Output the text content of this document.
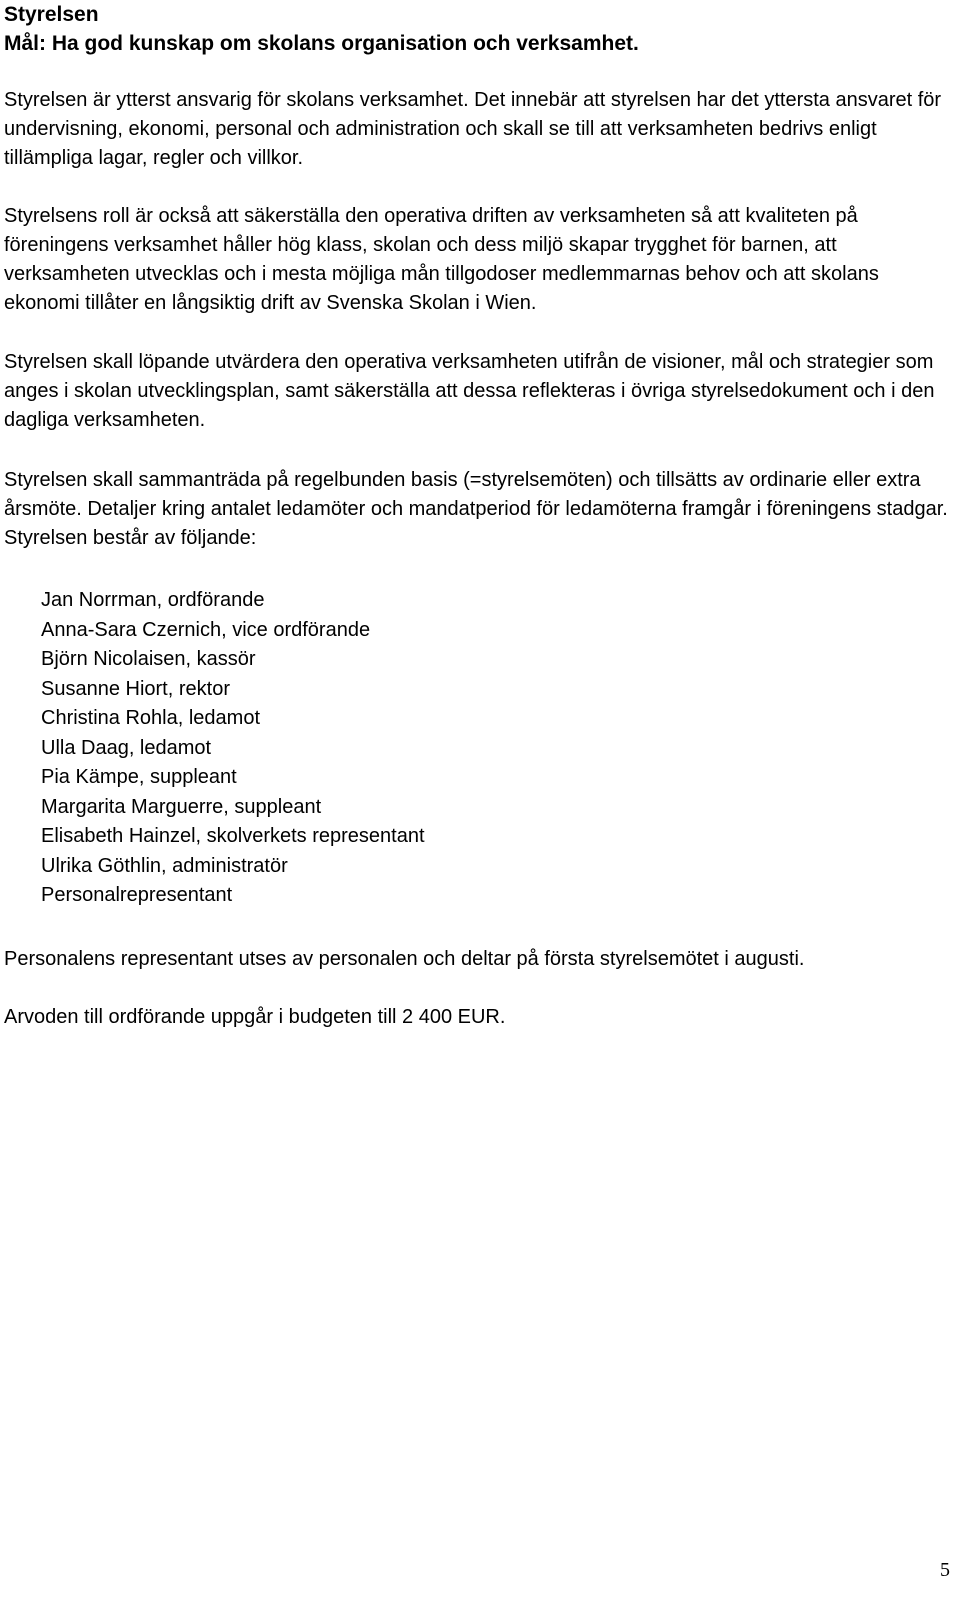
Styrelsen

Mål: Ha god kunskap om skolans organisation och verksamhet.

Styrelsen är ytterst ansvarig för skolans verksamhet. Det innebär att styrelsen har det yttersta ansvaret för undervisning, ekonomi, personal och administration och skall se till att verksamheten bedrivs enligt tillämpliga lagar, regler och villkor.

Styrelsens roll är också att säkerställa den operativa driften av verksamheten så att kvaliteten på föreningens verksamhet håller hög klass, skolan och dess miljö skapar trygghet för barnen, att verksamheten utvecklas och i mesta möjliga mån tillgodoser medlemmarnas behov och att skolans ekonomi tillåter en långsiktig drift av Svenska Skolan i Wien.

Styrelsen skall löpande utvärdera den operativa verksamheten utifrån de visioner, mål och strategier som anges i skolan utvecklingsplan, samt säkerställa att dessa reflekteras i övriga styrelsedokument och i den dagliga verksamheten.

Styrelsen skall sammanträda på regelbunden basis (=styrelsemöten) och tillsätts av ordinarie eller extra årsmöte. Detaljer kring antalet ledamöter och mandatperiod för ledamöterna framgår i föreningens stadgar.

Styrelsen består av följande:

Jan Norrman, ordförande
Anna-Sara Czernich, vice ordförande
Björn Nicolaisen, kassör
Susanne Hiort, rektor
Christina Rohla, ledamot
Ulla Daag, ledamot
Pia Kämpe, suppleant
Margarita Marguerre, suppleant
Elisabeth Hainzel, skolverkets representant
Ulrika Göthlin, administratör
Personalrepresentant

Personalens representant utses av personalen och deltar på första styrelsemötet i augusti.

Arvoden till ordförande uppgår i budgeten till 2 400 EUR.

5
